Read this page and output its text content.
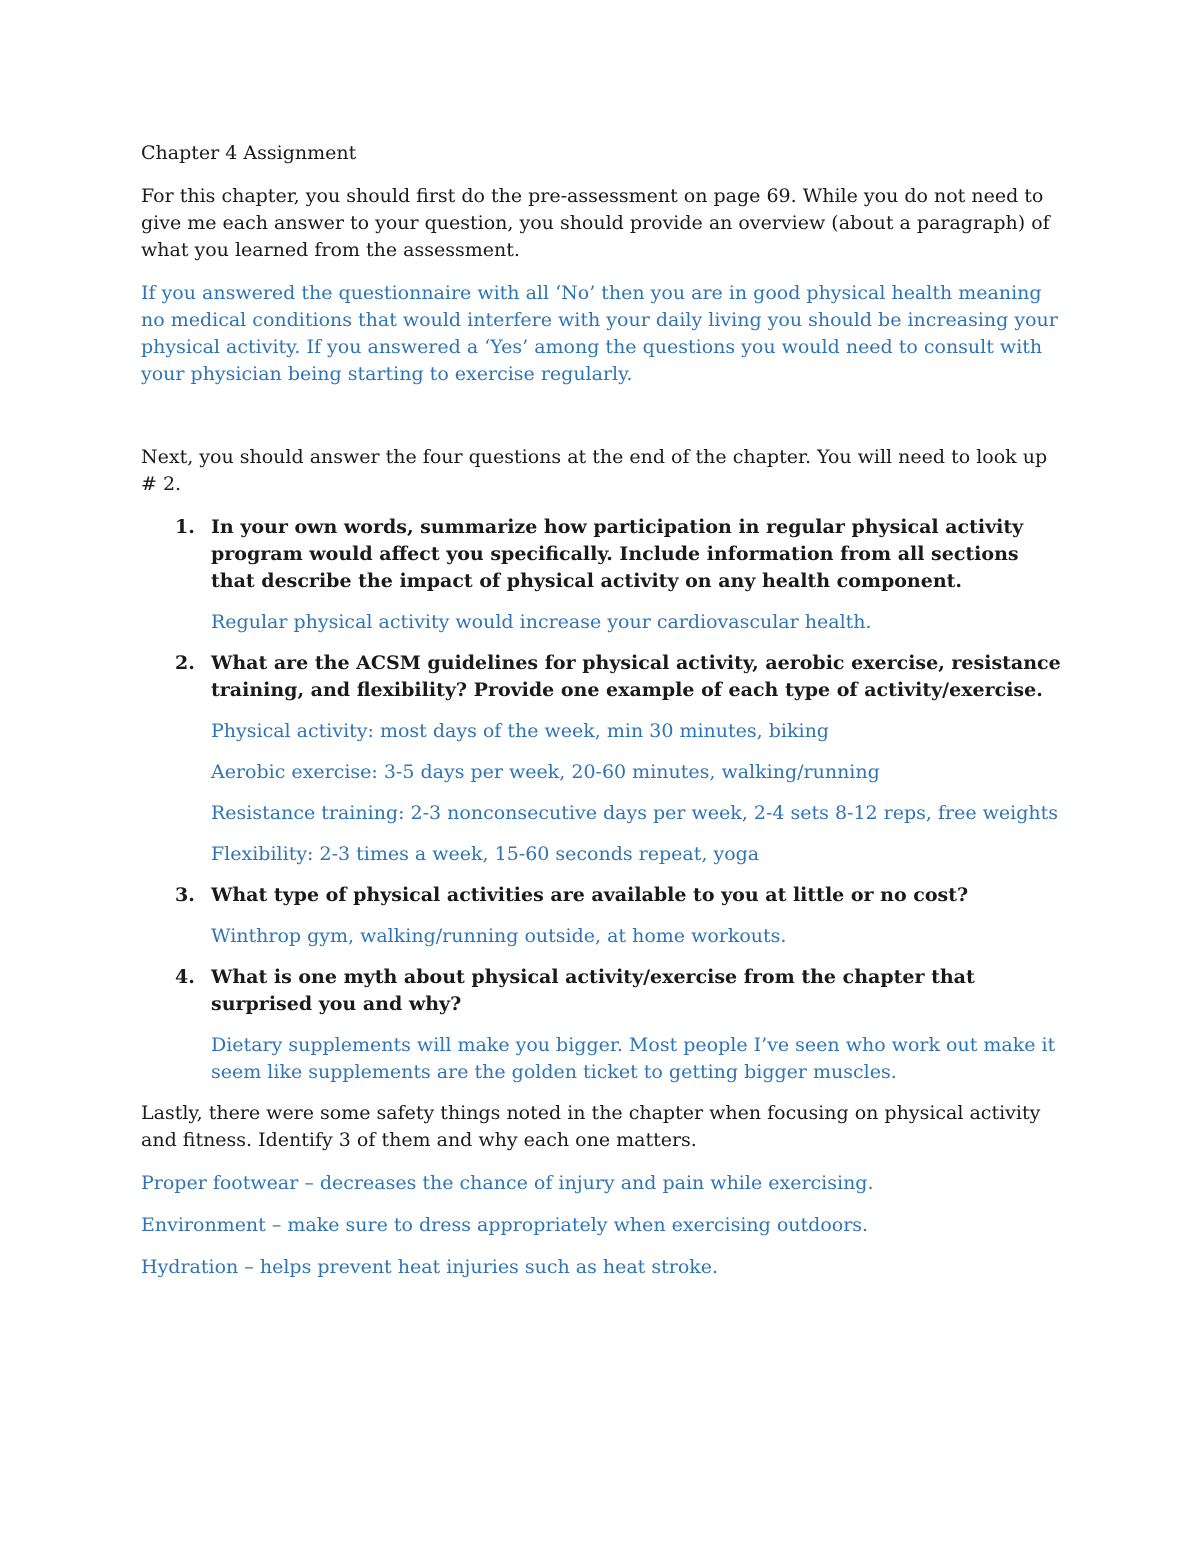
Chapter 4 Assignment

For this chapter, you should first do the pre-assessment on page 69. While you do not need to give me each answer to your question, you should provide an overview (about a paragraph) of what you learned from the assessment.

If you answered the questionnaire with all ‘No’ then you are in good physical health meaning no medical conditions that would interfere with your daily living you should be increasing your physical activity. If you answered a ‘Yes’ among the questions you would need to consult with your physician being starting to exercise regularly.

Next, you should answer the four questions at the end of the chapter. You will need to look up # 2.

1. In your own words, summarize how participation in regular physical activity program would affect you specifically. Include information from all sections that describe the impact of physical activity on any health component.

Regular physical activity would increase your cardiovascular health.

2. What are the ACSM guidelines for physical activity, aerobic exercise, resistance training, and flexibility? Provide one example of each type of activity/exercise.

Physical activity: most days of the week, min 30 minutes, biking

Aerobic exercise: 3-5 days per week, 20-60 minutes, walking/running

Resistance training: 2-3 nonconsecutive days per week, 2-4 sets 8-12 reps, free weights

Flexibility: 2-3 times a week, 15-60 seconds repeat, yoga

3. What type of physical activities are available to you at little or no cost?

Winthrop gym, walking/running outside, at home workouts.

4. What is one myth about physical activity/exercise from the chapter that surprised you and why?

Dietary supplements will make you bigger. Most people I’ve seen who work out make it seem like supplements are the golden ticket to getting bigger muscles.

Lastly, there were some safety things noted in the chapter when focusing on physical activity and fitness. Identify 3 of them and why each one matters.

Proper footwear – decreases the chance of injury and pain while exercising.

Environment – make sure to dress appropriately when exercising outdoors.

Hydration – helps prevent heat injuries such as heat stroke.
